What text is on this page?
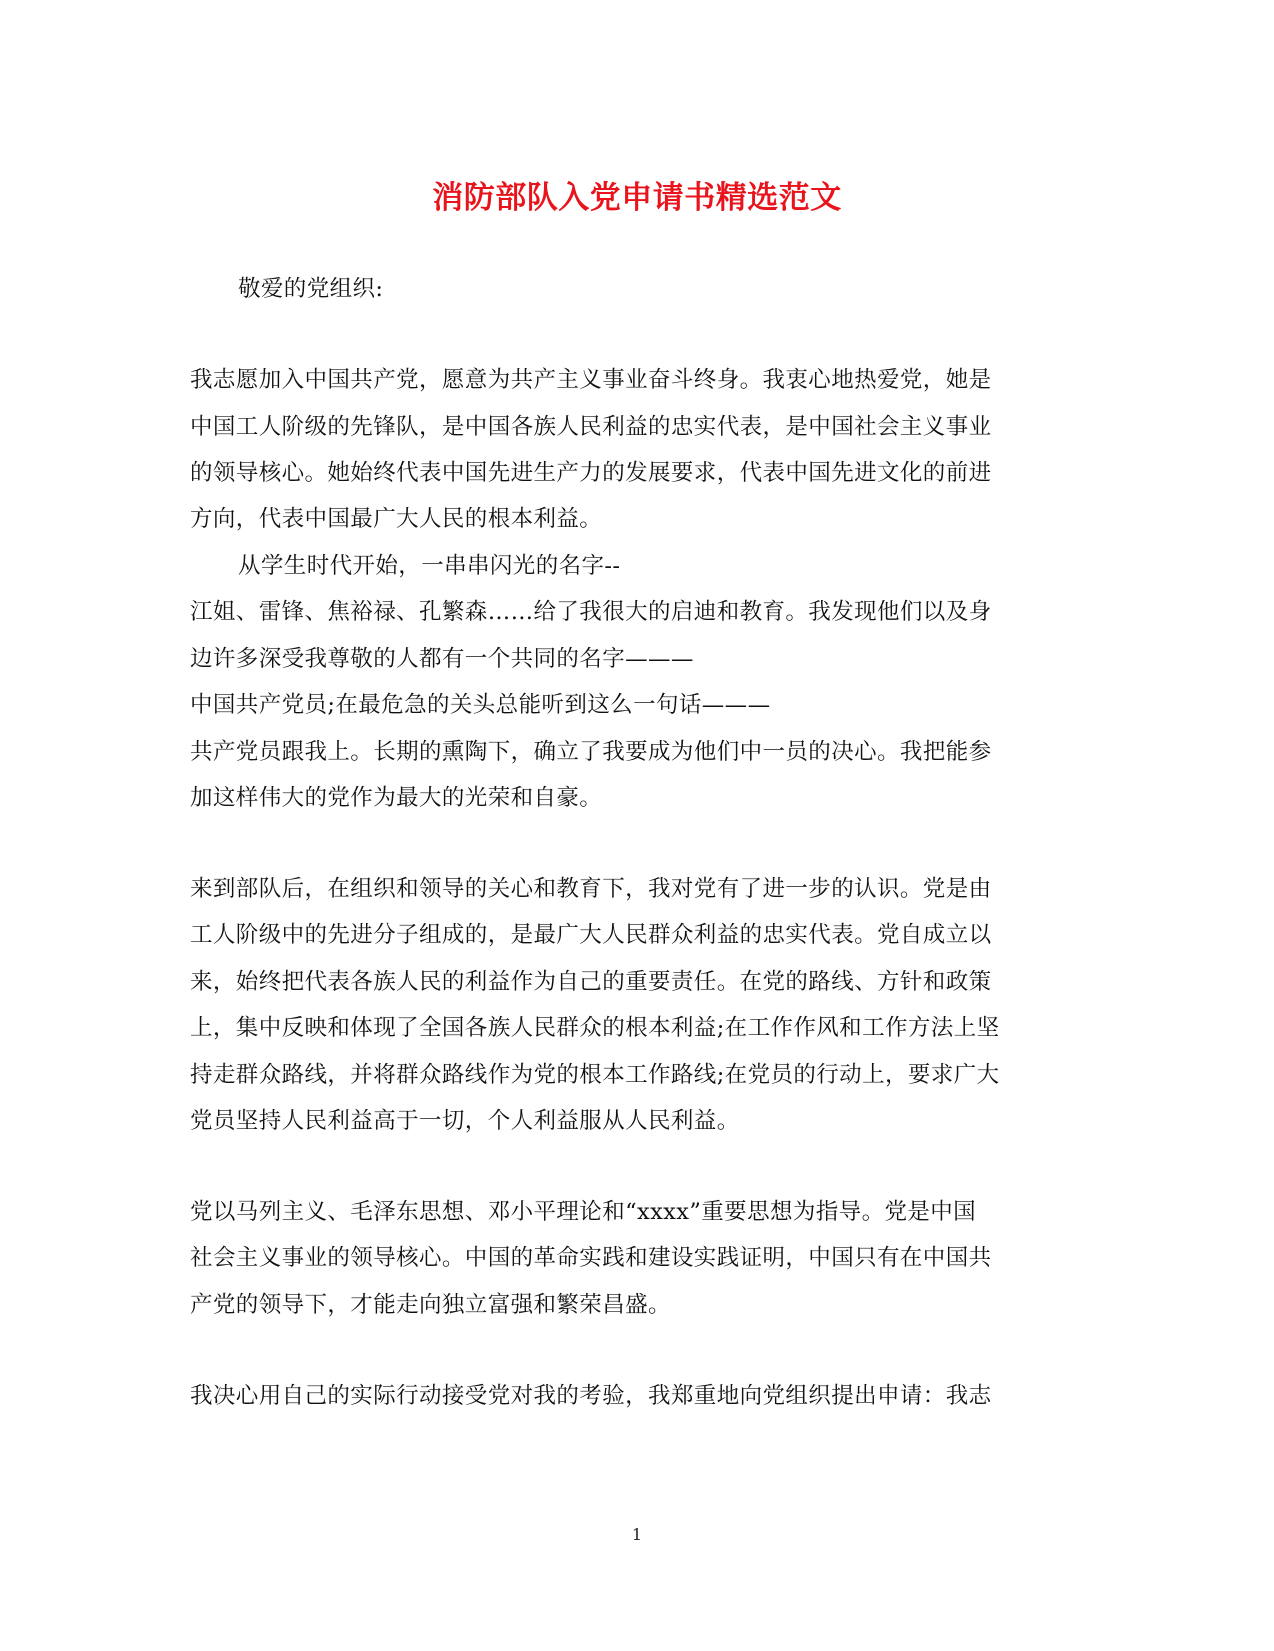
消防部队入党申请书精选范文
敬爱的党组织:
我志愿加入中国共产党，愿意为共产主义事业奋斗终身。我衷心地热爱党，她是
中国工人阶级的先锋队，是中国各族人民利益的忠实代表，是中国社会主义事业
的领导核心。她始终代表中国先进生产力的发展要求，代表中国先进文化的前进
方向，代表中国最广大人民的根本利益。
从学生时代开始，一串串闪光的名字--
江姐、雷锋、焦裕禄、孔繁森……给了我很大的启迪和教育。我发现他们以及身
边许多深受我尊敬的人都有一个共同的名字———
中国共产党员;在最危急的关头总能听到这么一句话———
共产党员跟我上。长期的熏陶下，确立了我要成为他们中一员的决心。我把能参
加这样伟大的党作为最大的光荣和自豪。
来到部队后，在组织和领导的关心和教育下，我对党有了进一步的认识。党是由
工人阶级中的先进分子组成的，是最广大人民群众利益的忠实代表。党自成立以
来，始终把代表各族人民的利益作为自己的重要责任。在党的路线、方针和政策
上，集中反映和体现了全国各族人民群众的根本利益;在工作作风和工作方法上坚
持走群众路线，并将群众路线作为党的根本工作路线;在党员的行动上，要求广大
党员坚持人民利益高于一切，个人利益服从人民利益。
党以马列主义、毛泽东思想、邓小平理论和“xxxx”重要思想为指导。党是中国
社会主义事业的领导核心。中国的革命实践和建设实践证明，中国只有在中国共
产党的领导下，才能走向独立富强和繁荣昌盛。
我决心用自己的实际行动接受党对我的考验，我郑重地向党组织提出申请：我志
1
